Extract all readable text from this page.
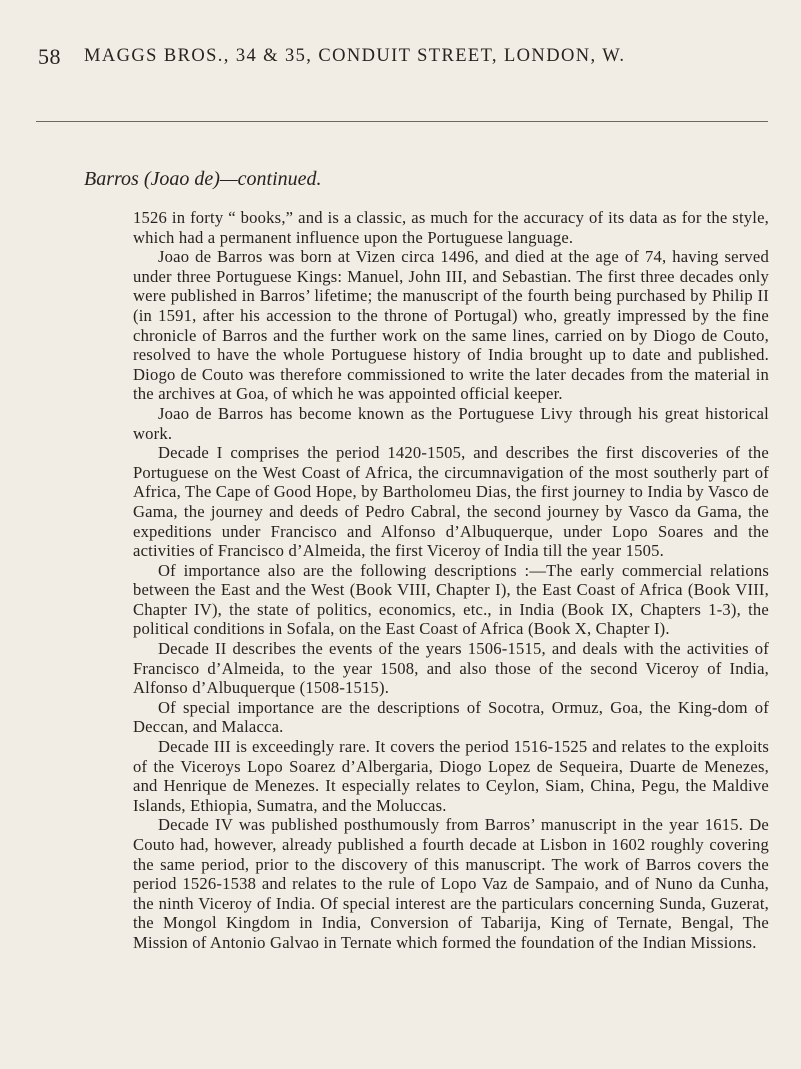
58 MAGGS BROS., 34 & 35, CONDUIT STREET, LONDON, W.
Barros (Joao de)—continued.

1526 in forty “ books,” and is a classic, as much for the accuracy of its data as for the style, which had a permanent influence upon the Portuguese language.

Joao de Barros was born at Vizen circa 1496, and died at the age of 74, having served under three Portuguese Kings: Manuel, John III, and Sebastian. The first three decades only were published in Barros’ lifetime; the manuscript of the fourth being purchased by Philip II (in 1591, after his accession to the throne of Portugal) who, greatly impressed by the fine chronicle of Barros and the further work on the same lines, carried on by Diogo de Couto, resolved to have the whole Portuguese history of India brought up to date and published. Diogo de Couto was therefore commissioned to write the later decades from the material in the archives at Goa, of which he was appointed official keeper.

Joao de Barros has become known as the Portuguese Livy through his great historical work.

Decade I comprises the period 1420-1505, and describes the first discoveries of the Portuguese on the West Coast of Africa, the circumnavigation of the most southerly part of Africa, The Cape of Good Hope, by Bartholomeu Dias, the first journey to India by Vasco de Gama, the journey and deeds of Pedro Cabral, the second journey by Vasco da Gama, the expeditions under Francisco and Alfonso d’Albuquerque, under Lopo Soares and the activities of Francisco d’Almeida, the first Viceroy of India till the year 1505.

Of importance also are the following descriptions :—The early commercial relations between the East and the West (Book VIII, Chapter I), the East Coast of Africa (Book VIII, Chapter IV), the state of politics, economics, etc., in India (Book IX, Chapters 1-3), the political conditions in Sofala, on the East Coast of Africa (Book X, Chapter I).

Decade II describes the events of the years 1506-1515, and deals with the activities of Francisco d’Almeida, to the year 1508, and also those of the second Viceroy of India, Alfonso d’Albuquerque (1508-1515).

Of special importance are the descriptions of Socotra, Ormuz, Goa, the King-dom of Deccan, and Malacca.

Decade III is exceedingly rare. It covers the period 1516-1525 and relates to the exploits of the Viceroys Lopo Soarez d’Albergaria, Diogo Lopez de Sequeira, Duarte de Menezes, and Henrique de Menezes. It especially relates to Ceylon, Siam, China, Pegu, the Maldive Islands, Ethiopia, Sumatra, and the Moluccas.

Decade IV was published posthumously from Barros’ manuscript in the year 1615. De Couto had, however, already published a fourth decade at Lisbon in 1602 roughly covering the same period, prior to the discovery of this manuscript. The work of Barros covers the period 1526-1538 and relates to the rule of Lopo Vaz de Sampaio, and of Nuno da Cunha, the ninth Viceroy of India. Of special interest are the particulars concerning Sunda, Guzerat, the Mongol Kingdom in India, Conversion of Tabarija, King of Ternate, Bengal, The Mission of Antonio Galvao in Ternate which formed the foundation of the Indian Missions.
